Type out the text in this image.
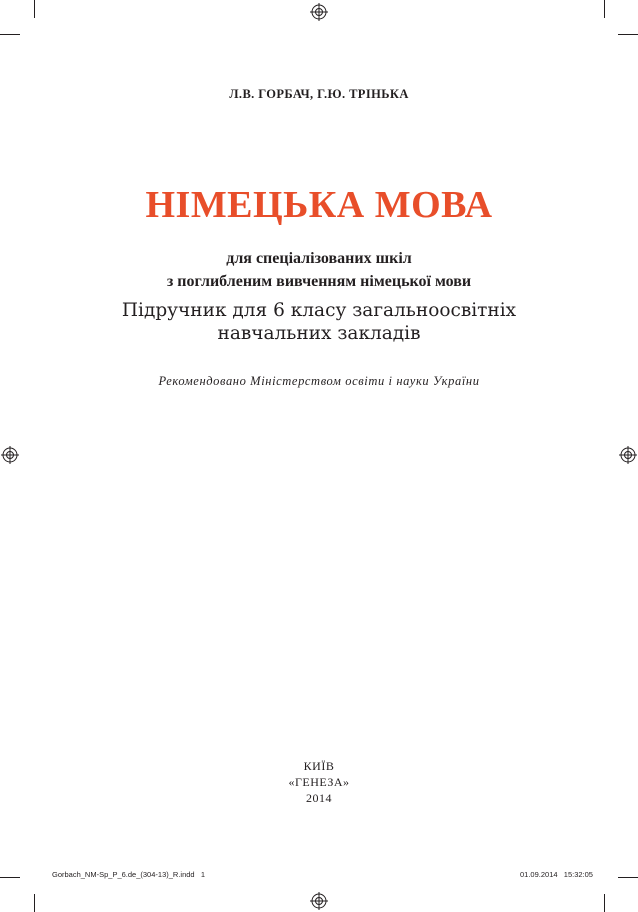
Л.В. ГОРБАЧ, Г.Ю. ТРІНЬКА
НІМЕЦЬКА МОВА
для спеціалізованих шкіл
з поглибленим вивченням німецької мови
Підручник для 6 класу загальноосвітніх
навчальних закладів
Рекомендовано Міністерством освіти і науки України
КИЇВ
«ГЕНЕЗА»
2014
Gorbach_NM-Sp_P_6.de_(304-13)_R.indd   1	01.09.2014   15:32:05
